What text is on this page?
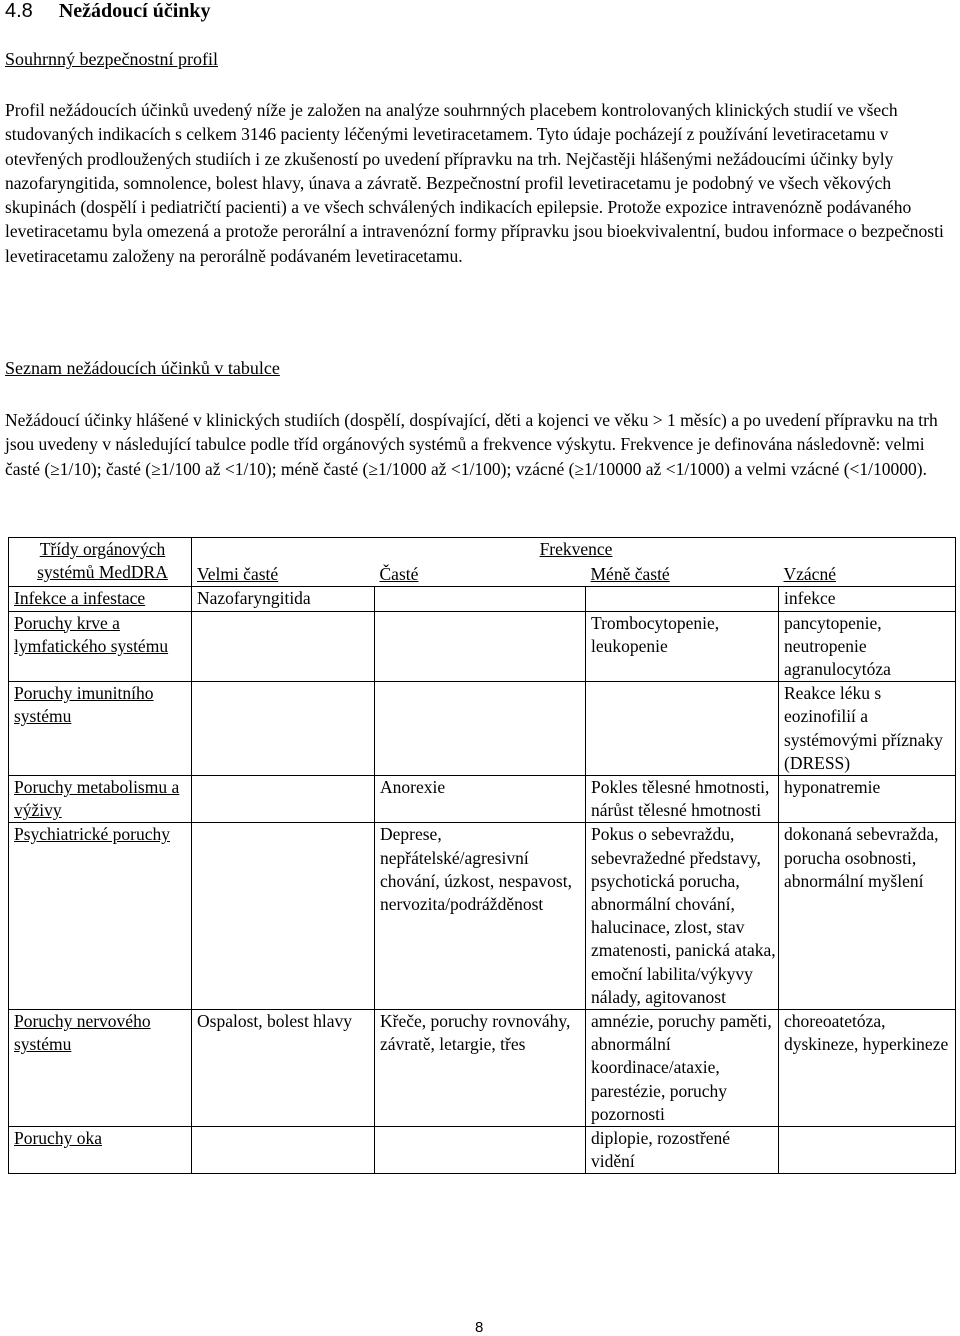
4.8 Nežádoucí účinky

Souhrnný bezpečnostní profil

Profil nežádoucích účinků uvedený níže je založen na analýze souhrnných placebem kontrolovaných klinických studií ve všech studovaných indikacích s celkem 3146 pacienty léčenými levetiracetamem. Tyto údaje pocházejí z používání levetiracetamu v otevřených prodloužených studiích i ze zkušeností po uvedení přípravku na trh. Nejčastěji hlášenými nežádoucími účinky byly nazofaryngitida, somnolence, bolest hlavy, únava a závratě. Bezpečnostní profil levetiracetamu je podobný ve všech věkových skupinách (dospělí i pediatričtí pacienti) a ve všech schválených indikacích epilepsie. Protože expozice intravenózně podávaného levetiracetamu byla omezená a protože perorální a intravenózní formy přípravku jsou bioekvivalentní, budou informace o bezpečnosti levetiracetamu založeny na perorálně podávaném levetiracetamu.

Seznam nežádoucích účinků v tabulce

Nežádoucí účinky hlášené v klinických studiích (dospělí, dospívající, děti a kojenci ve věku > 1 měsíc) a po uvedení přípravku na trh jsou uvedeny v následující tabulce podle tříd orgánových systémů a frekvence výskytu. Frekvence je definována následovně: velmi časté (≥1/10); časté (≥1/100 až <1/10); méně časté (≥1/1000 až <1/100); vzácné (≥1/10000 až <1/1000) a velmi vzácné (<1/10000).

Třídy orgánových systémů MedDRA	Frekvence			
	Velmi časté	Časté	Méně časté	Vzácné
Infekce a infestace	Nazofaryngitida			infekce
Poruchy krve a lymfatického systému			Trombocytopenie, leukopenie	pancytopenie, neutropenie agranulocytóza
Poruchy imunitního systému				Reakce léku s eozinofilií a systémovými příznaky (DRESS)
Poruchy metabolismu a výživy		Anorexie	Pokles tělesné hmotnosti, nárůst tělesné hmotnosti	hyponatremie
Psychiatrické poruchy		Deprese, nepřátelské/agresivní chování, úzkost, nespavost, nervozita/podrážděnost	Pokus o sebevraždu, sebevražedné představy, psychotická porucha, abnormální chování, halucinace, zlost, stav zmatenosti, panická ataka, emoční labilita/výkyvy nálady, agitovanost	dokonaná sebevražda, porucha osobnosti, abnormální myšlení
Poruchy nervového systému	Ospalost, bolest hlavy	Křeče, poruchy rovnováhy, závratě, letargie, třes	amnézie, poruchy paměti, abnormální koordinace/ataxie, parestézie, poruchy pozornosti	choreoatetóza, dyskineze, hyperkineze
Poruchy oka			diplopie, rozostřené vidění	
8
